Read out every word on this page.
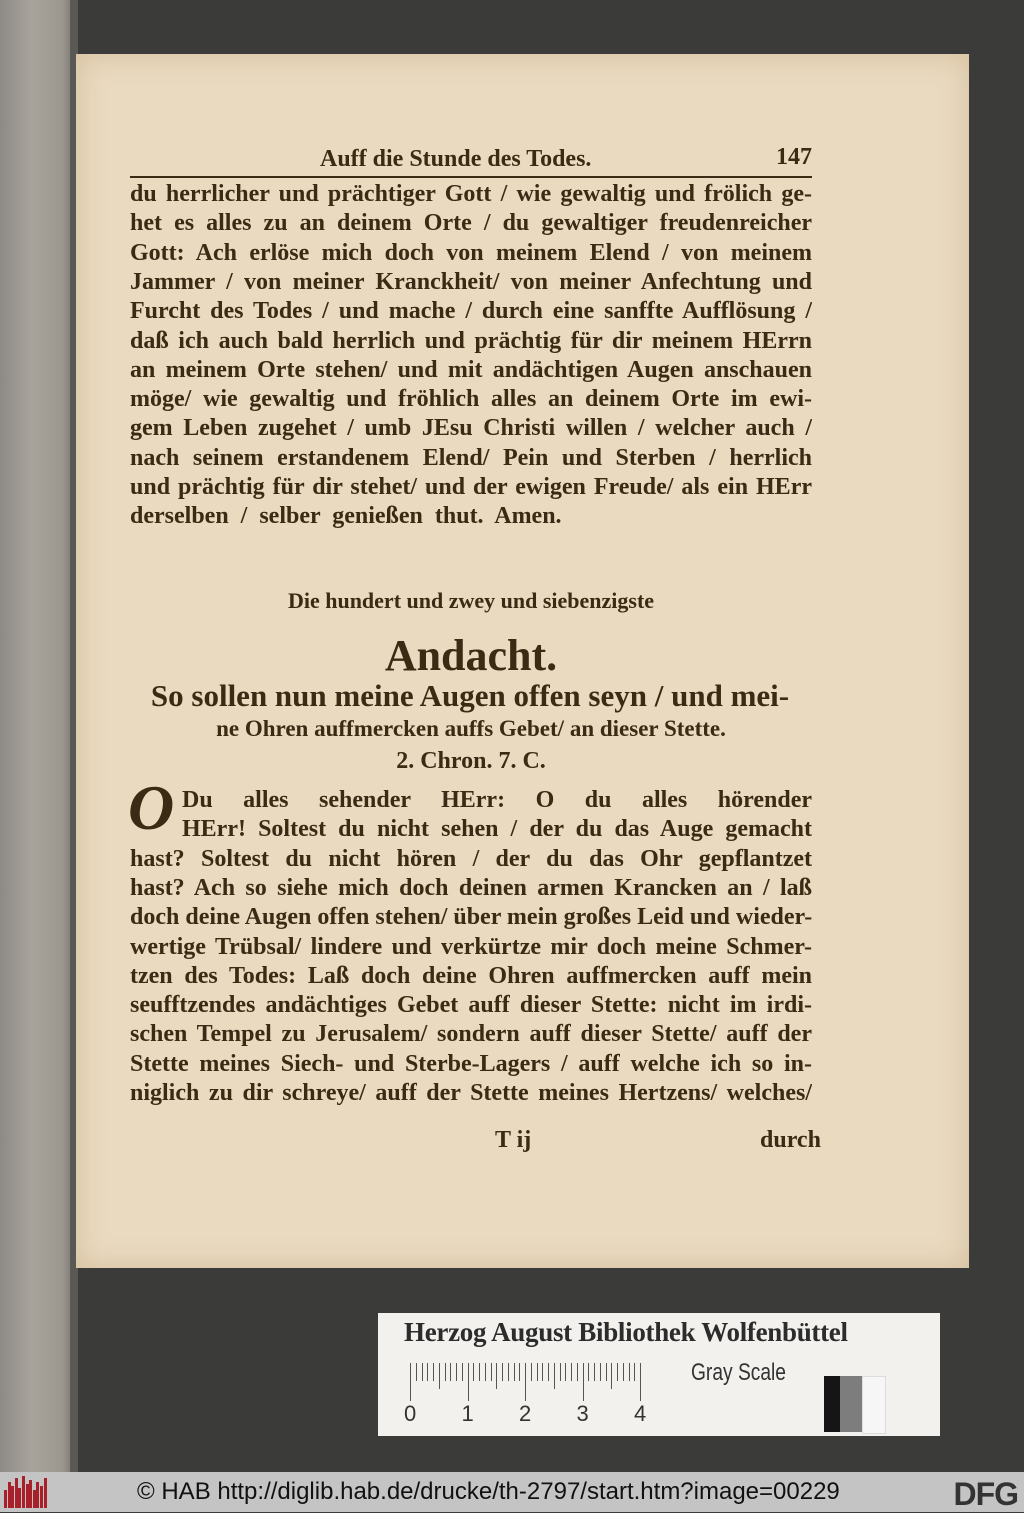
Auff die Stunde des Todes.	147
du herrlicher und prächtiger Gott / wie gewaltig und frölich ge-
het es alles zu an deinem Orte / du gewaltiger freudenreicher
Gott: Ach erlöse mich doch von meinem Elend / von meinem
Jammer / von meiner Kranckheit/ von meiner Anfechtung und
Furcht des Todes / und mache / durch eine sanffte Aufflösung /
daß ich auch bald herrlich und prächtig für dir meinem HErrn
an meinem Orte stehen/ und mit andächtigen Augen anschauen
möge/ wie gewaltig und fröhlich alles an deinem Orte im ewi-
gem Leben zugehet / umb JEsu Christi willen / welcher auch /
nach seinem erstandenem Elend/ Pein und Sterben / herrlich
und prächtig für dir stehet/ und der ewigen Freude/ als ein HErr
derselben / selber genießen thut. Amen.
Die hundert und zwey und siebenzigste
Andacht.
So sollen nun meine Augen offen seyn / und mei-
ne Ohren auffmercken auffs Gebet/ an dieser Stette.
2. Chron. 7. C.
O Du alles sehender HErr: O du alles hörender
HErr! Soltest du nicht sehen / der du das Auge gemacht
hast? Soltest du nicht hören / der du das Ohr gepflantzet
hast? Ach so siehe mich doch deinen armen Krancken an / laß
doch deine Augen offen stehen/ über mein großes Leid und wieder-
wertige Trübsal/ lindere und verkürtze mir doch meine Schmer-
tzen des Todes: Laß doch deine Ohren auffmercken auff mein
seufftzendes andächtiges Gebet auff dieser Stette: nicht im irdi-
schen Tempel zu Jerusalem/ sondern auff dieser Stette/ auff der
Stette meines Siech- und Sterbe-Lagers / auff welche ich so in-
niglich zu dir schreye/ auff der Stette meines Hertzens/ welches/
T ij	durch
Herzog August Bibliothek Wolfenbüttel
Gray Scale
0 1 2 3 4
© HAB http://diglib.hab.de/drucke/th-2797/start.htm?image=00229	DFG
